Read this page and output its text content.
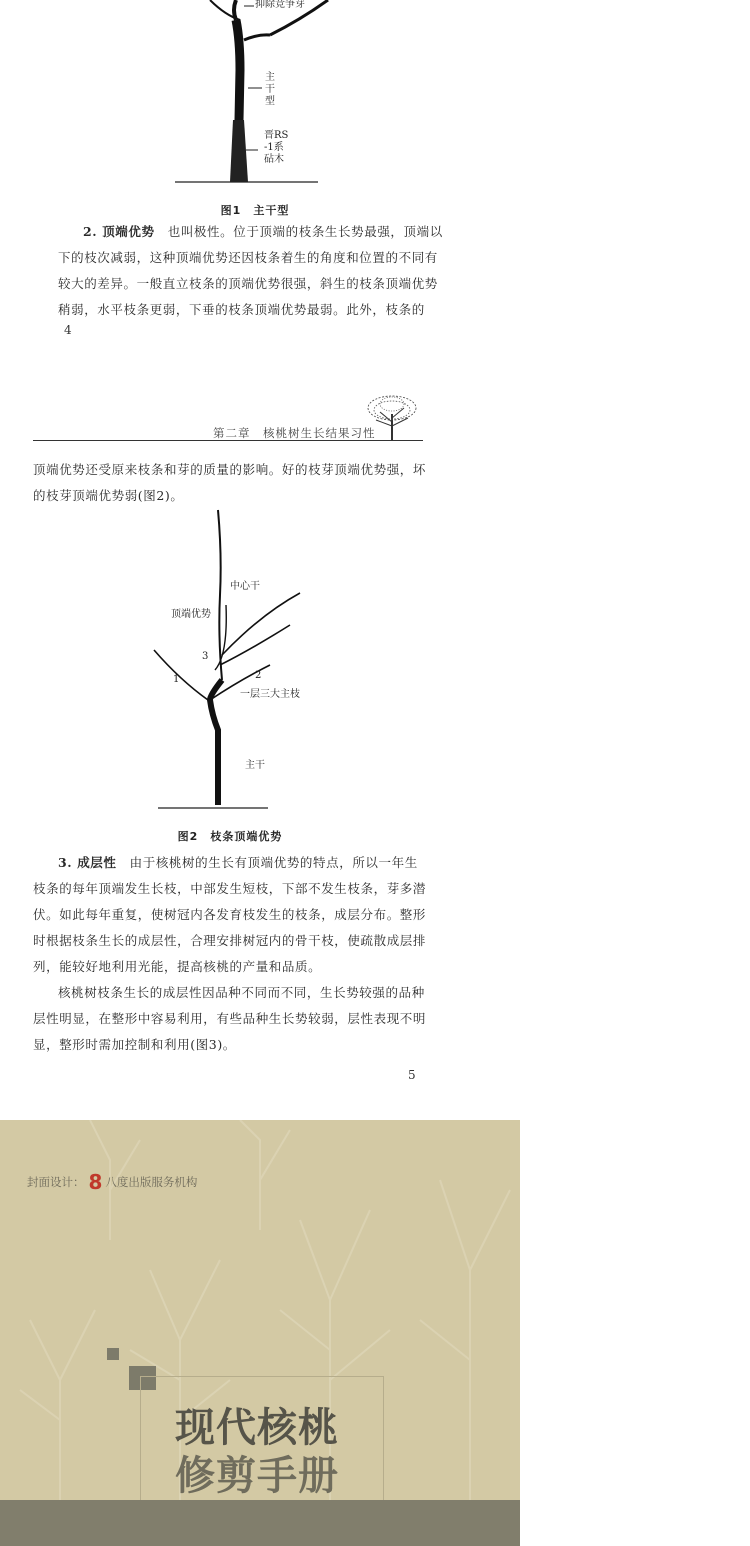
抑除竞争芽
主
干
型
晋RS
-1系
砧木
图1　主干型

2. 顶端优势　 也叫极性。位于顶端的枝条生长势最强，顶端以下的枝次减弱，这种顶端优势还因枝条着生的角度和位置的不同有较大的差异。一般直立枝条的顶端优势很强，斜生的枝条顶端优势稍弱，水平枝条更弱，下垂的枝条顶端优势最弱。此外，枝条的

4
第二章　核桃树生长结果习性

顶端优势还受原来枝条和芽的质量的影响。好的枝芽顶端优势强，坏的枝芽顶端优势弱(图2)。

中心干
顶端优势
3
1	2
一层三大主枝
主干
图2　枝条顶端优势

3. 成层性　 由于核桃树的生长有顶端优势的特点，所以一年生枝条的每年顶端发生长枝，中部发生短枝，下部不发生枝条，芽多潜伏。如此每年重复，使树冠内各发育枝发生的枝条，成层分布。整形时根据枝条生长的成层性，合理安排树冠内的骨干枝，使疏散成层排列，能较好地利用光能，提高核桃的产量和品质。

核桃树枝条生长的成层性因品种不同而不同，生长势较强的品种层性明显，在整形中容易利用，有些品种生长势较弱，层性表现不明显，整形时需加控制和利用(图3)。

5
封面设计： 8 八度出版服务机构
现代核桃
修剪手册
